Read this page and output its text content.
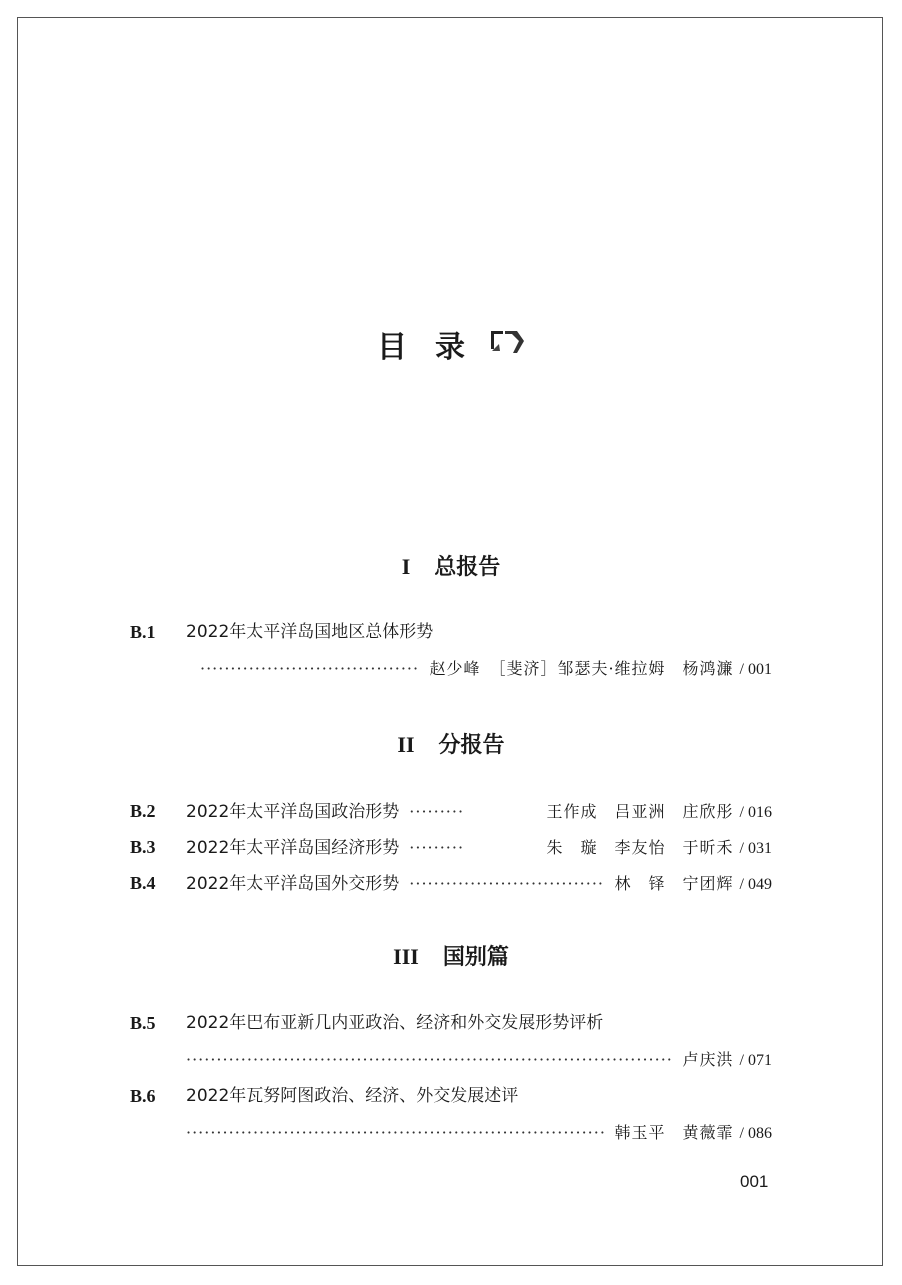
目 录
I 总报告
B.1 2022年太平洋岛国地区总体形势
·····
赵少峰　［斐济］邹瑟夫·维拉姆　杨鸿濂 / 001
II 分报告
B.2	2022年太平洋岛国政治形势 ·····	王作成　吕亚洲　庄欣彤 / 016
B.3	2022年太平洋岛国经济形势 ·····	朱　璇　李友怡　于昕禾 / 031
B.4	2022年太平洋岛国外交形势 ·····	林　铎　宁团辉 / 049
III 国别篇
B.5 2022年巴布亚新几内亚政治、经济和外交发展形势评析
·····
卢庆洪 / 071
B.6 2022年瓦努阿图政治、经济、外交发展述评
·····
韩玉平　黄薇霏 / 086
001
